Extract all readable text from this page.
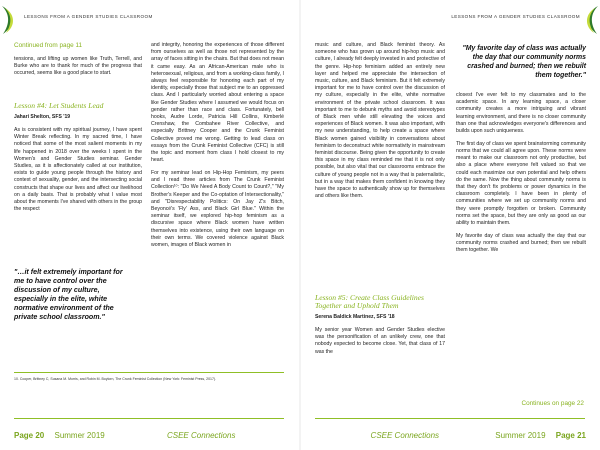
LESSONS FROM A GENDER STUDIES CLASSROOM
Continued from page 11

tensions, and lifting up women like Truth, Terrell, and Burke who are to thank for much of the progress that occurred, seems like a good place to start.

Lesson #4: Let Students Lead

Jahari Shelton, SFS '19

As is consistent with my spiritual journey, I have spent Winter Break reflecting. In my sacred time, I have noticed that some of the most salient moments in my life happened in 2018 over the weeks I spent in the Women's and Gender Studies seminar. Gender Studies, as it is affectionately called at our institution, exists to guide young people through the history and context of sexuality, gender, and the intersecting social constructs that shape our lives and affect our livelihood on a daily basis. That is probably what I value most about the moments I've shared with others in the group the respect

"…it felt extremely important for me to have control over the discussion of my culture, especially in the elite, white normative environment of the private school classroom."

10. Cooper, Brittney C, Susana M. Morris, and Robin M. Boylorn, The Crunk Feminist Collection (New York: Feminist Press, 2017).

and integrity, honoring the experiences of those different from ourselves as well as those not represented by the array of faces sitting in the chairs. But that does not mean it came easy. As an African-American male who is heterosexual, religious, and from a working-class family, I always feel responsible for honoring each part of my identity, especially those that subject me to an oppressed class. And I particularly worried about entering a space like Gender Studies where I assumed we would focus on gender rather than race and class. Fortunately, bell hooks, Audre Lorde, Patricia Hill Collins, Kimberlé Crenshaw, the Combahee River Collective, and especially Brittney Cooper and the Crunk Feminist Collective proved me wrong. Getting to lead class on essays from the Crunk Feminist Collective (CFC) is still the topic and moment from class I hold closest to my heart.

For my seminar lead on Hip-Hop Feminism, my peers and I read three articles from The Crunk Feminist Collection¹⁰: "Do We Need A Body Count to Count?," "My Brother's Keeper and the Co-optation of Intersectionality," and "Disrespectability Politics: On Jay Z's Bitch, Beyoncé's 'Fly' Ass, and Black Girl Blue." Within the seminar itself, we explored hip-hop feminism as a discursive space where Black women have written themselves into existence, using their own language on their own terms. We covered violence against Black women, images of Black women in

Page 20 Summer 2019	CSEE Connections
LESSONS FROM A GENDER STUDIES CLASSROOM

music and culture, and Black feminist theory. As someone who has grown up around hip-hop music and culture, I already felt deeply invested in and protective of the genre. Hip-hop feminism added an entirely new layer and helped me appreciate the intersection of music, culture, and Black feminism. But it felt extremely important for me to have control over the discussion of my culture, especially in the elite, white normative environment of the private school classroom. It was important to me to debunk myths and avoid stereotypes of Black men while still elevating the voices and experiences of Black women. It was also important, with my new understanding, to help create a space where Black women gained visibility in conversations about feminism to deconstruct white normativity in mainstream feminist discourse. Being given the opportunity to create this space in my class reminded me that it is not only possible, but also vital that our classrooms embrace the culture of young people not in a way that is paternalistic, but in a way that makes them confident in knowing they have the space to authentically show up for themselves and others like them.

Lesson #5: Create Class Guidelines Together and Uphold Them

Serena Baldick Martinez, SFS '18

My senior year Women and Gender Studies elective was the personification of an unlikely crew, one that nobody expected to become close. Yet, that class of 17 was the

"My favorite day of class was actually the day that our community norms crashed and burned; then we rebuilt them together."

closest I've ever felt to my classmates and to the academic space. In any learning space, a closer community creates a more intriguing and vibrant learning environment, and there is no closer community than one that acknowledges everyone's differences and builds upon such uniqueness.

The first day of class we spent brainstorming community norms that we could all agree upon. These norms were meant to make our classroom not only productive, but also a place where everyone felt valued so that we could each maximize our own potential and help others do the same. Now the thing about community norms is that they don't fix problems or power dynamics in the classroom completely. I have been in plenty of communities where we set up community norms and they were promptly forgotten or broken. Community norms set the space, but they are only as good as our ability to maintain them.

My favorite day of class was actually the day that our community norms crashed and burned; then we rebuilt them together. We

Continues on page 22
CSEE Connections	Summer 2019 Page 21
